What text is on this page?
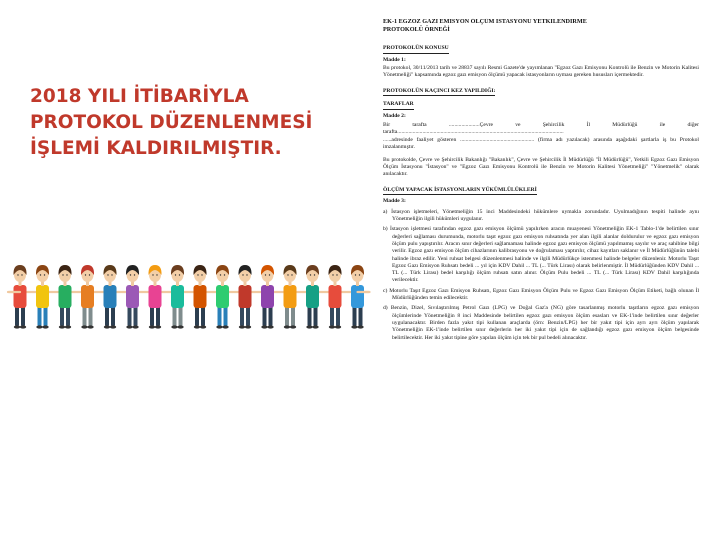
2018 YILI İTİBARİYLA
PROTOKOL DÜZENLENMESİ
İŞLEMİ KALDIRILMIŞTIR.
EK-1 EGZOZ GAZI EMISYON ÖLÇÜM ISTASYONU YETKILENDIRME
PROTOKOLÜ ÖRNEĞİ
PROTOKOLÜN KONUSU
Madde 1:
Bu protokol, 30/11/2013 tarih ve 28837 sayılı Resmi Gazete'de yayımlanan "Egzoz Gazı Emisyonu Kontrolü ile Benzin ve Motorin Kalitesi Yönetmeliği" kapsamında egzoz gazı emisyon ölçümü yapacak istasyonların uyması gereken hususları içermektedir.
PROTOKOLÜN KAÇINCI KEZ YAPILDIĞI:
TARAFLAR
Madde 2:
Bir tarafta ......................Çevre ve Şehircilik İl Müdürlüğü ile diğer tarafta.......................................................................................................................
......adresinde faaliyet gösteren ..................................................... (firma adı yazılacak) arasında aşağıdaki şartlarla iş bu Protokol imzalanmıştır.
Bu protokolde, Çevre ve Şehircilik Bakanlığı "Bakanlık", Çevre ve Şehircilik İl Müdürlüğü "İl Müdürlüğü", Yetkili Egzoz Gazı Emisyon Ölçüm İstasyonu "İstasyon" ve "Egzoz Gazı Emisyonu Kontrolü ile Benzin ve Motorin Kalitesi Yönetmeliği" "Yönetmelik" olarak anılacaktır.
ÖLÇÜM YAPACAK İSTASYONLARIN YÜKÜMLÜLÜKLERİ
Madde 3:
a) İstasyon işletmeleri, Yönetmeliğin 15 inci Maddesindeki hükümlere uymakla zorundadır. Uyulmadığının tespiti halinde aynı Yönetmeliğin ilgili hükümleri uygulanır.
b) İstasyon işletmesi tarafından egzoz gazı emisyon ölçümü yapılırken aracın muayenesi Yönetmeliğin EK-1 Tablo-1'de belirtilen sınır değerleri sağlaması durumunda, motorlu taşıt egzoz gazı emisyon ruhsatında yer alan ilgili alanlar doldurulur ve egzoz gazı emisyon ölçüm pulu yapıştırılır. Aracın sınır değerleri sağlamaması halinde egzoz gazı emisyon ölçümü yapılmamış sayılır ve araç sahibine bilgi verilir. Egzoz gazı emisyon ölçüm cihazlarının kalibrasyonu ve doğrulaması yaptırılır, cihaz kayıtları saklanır ve İl Müdürlüğünün talebi halinde ibraz edilir. Yeni ruhsat belgesi düzenlenmesi halinde ve ilgili Müdürlükçe istenmesi halinde belgeler düzenlenir. Motorlu Taşıt Egzoz Gazı Emisyon Ruhsatı bedeli ... yıl için KDV Dahil ... TL (... Türk Lirası) olarak belirlenmiştir. İl Müdürlüğünden KDV Dahil ... TL (... Türk Lirası) bedel karşılığı ölçüm ruhsatı satın alınır. Ölçüm Pulu bedeli ... TL (... Türk Lirası) KDV Dahil karşılığında verilecektir.
c) Motorlu Taşıt Egzoz Gazı Emisyon Ruhsatı, Egzoz Gazı Emisyon Ölçüm Pulu ve Egzoz Gazı Emisyon Ölçüm Etiketi, bağlı olunan İl Müdürlüğünden temin edilecektir.
d) Benzin, Dizel, Sıvılaştırılmış Petrol Gazı (LPG) ve Doğal Gaz'a (NG) göre tasarlanmış motorlu taşıtların egzoz gazı emisyon ölçümlerinde Yönetmeliğin 8 inci Maddesinde belirtilen egzoz gazı emisyon ölçüm esasları ve EK-1'inde belirtilen sınır değerler uygulanacaktır. Birden fazla yakıt tipi kullanan araçlarda (örn: Benzin/LPG) her bir yakıt tipi için ayrı ayrı ölçüm yapılarak Yönetmeliğin EK-1'inde belirtilen sınır değerlerin her iki yakıt tipi için de sağlandığı egzoz gazı emisyon ölçüm belgesinde belirtilecektir. Her iki yakıt tipine göre yapılan ölçüm için tek bir pul bedeli alınacaktır.
